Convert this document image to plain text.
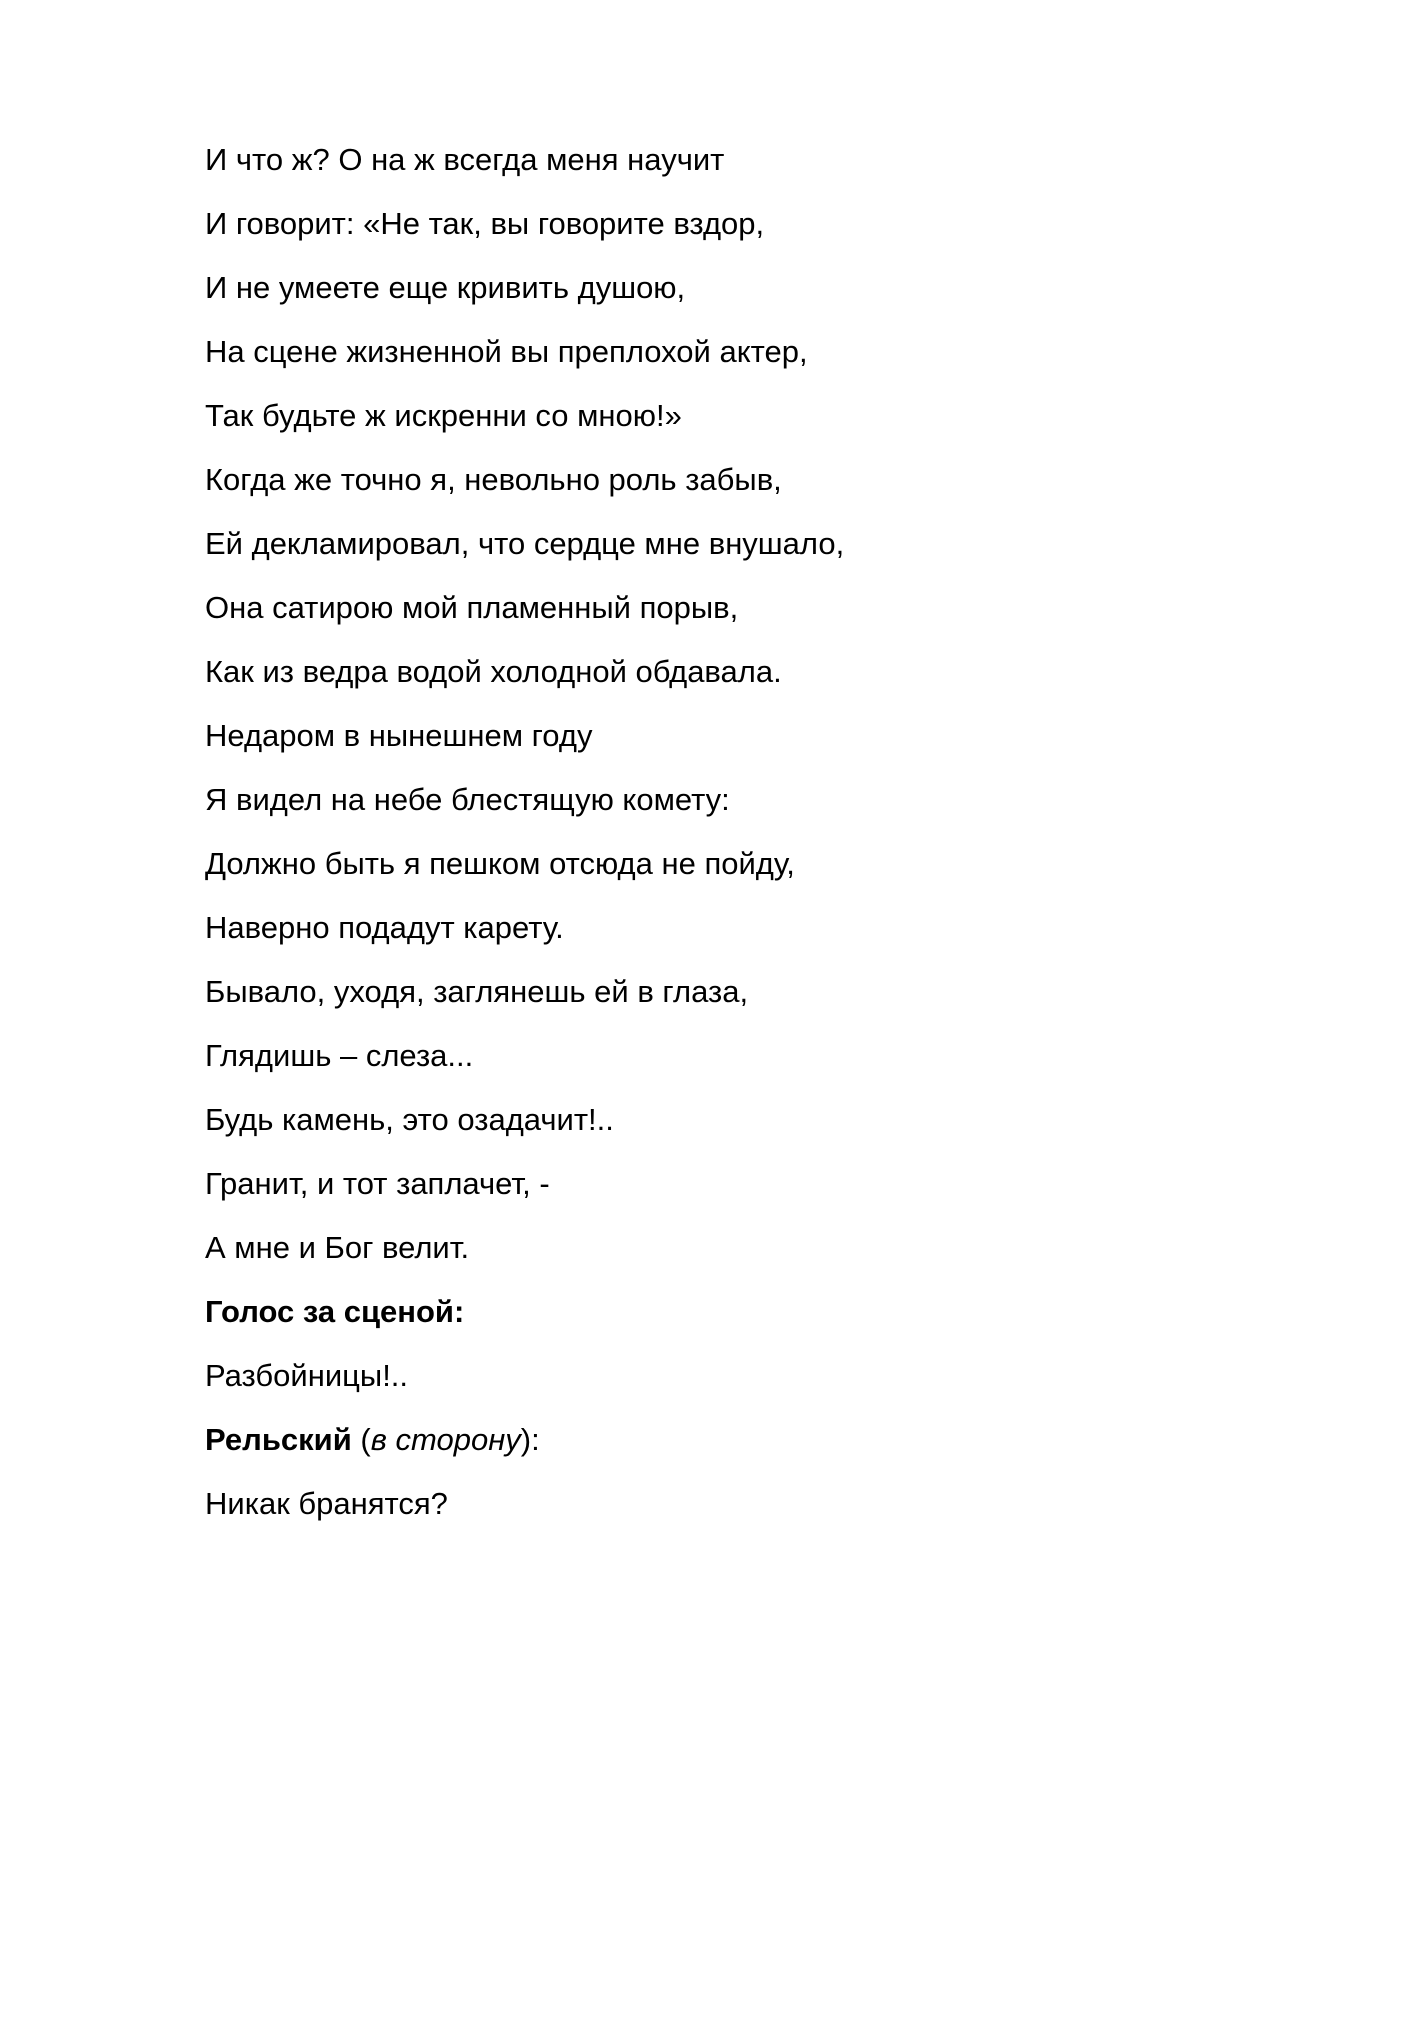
И что ж? О на ж всегда меня научит
И говорит: «Не так, вы говорите вздор,
И не умеете еще кривить душою,
На сцене жизненной вы преплохой актер,
Так будьте ж искренни со мною!»
Когда же точно я, невольно роль забыв,
Ей декламировал, что сердце мне внушало,
Она сатирою мой пламенный порыв,
Как из ведра водой холодной обдавала.
Недаром в нынешнем году
Я видел на небе блестящую комету:
Должно быть я пешком отсюда не пойду,
Наверно подадут карету.
Бывало, уходя, заглянешь ей в глаза,
Глядишь – слеза...
Будь камень, это озадачит!..
Гранит, и тот заплачет, -
А мне и Бог велит.
Голос за сценой:
Разбойницы!..
Рельский (в сторону):
Никак бранятся?
